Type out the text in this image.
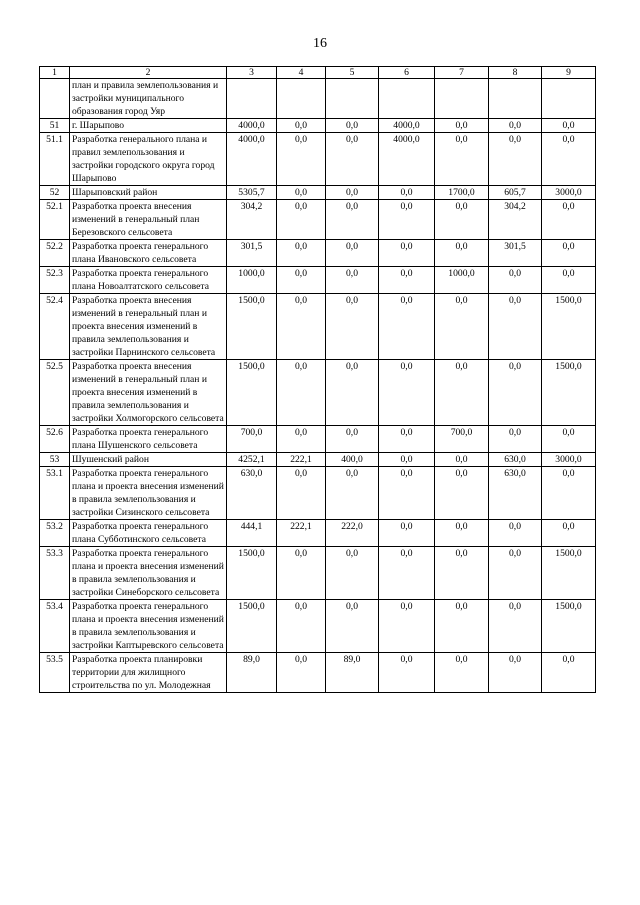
16
1	2	3	4	5	6	7	8	9
	план и правила землепользования и застройки муниципального образования город Уяр							
51	г. Шарыпово	4000,0	0,0	0,0	4000,0	0,0	0,0	0,0
51.1	Разработка генерального плана и правил землепользования и застройки городского округа город Шарыпово	4000,0	0,0	0,0	4000,0	0,0	0,0	0,0
52	Шарыповский район	5305,7	0,0	0,0	0,0	1700,0	605,7	3000,0
52.1	Разработка проекта внесения изменений в генеральный план Березовского сельсовета	304,2	0,0	0,0	0,0	0,0	304,2	0,0
52.2	Разработка проекта генерального плана Ивановского сельсовета	301,5	0,0	0,0	0,0	0,0	301,5	0,0
52.3	Разработка проекта генерального плана Новоалтатского сельсовета	1000,0	0,0	0,0	0,0	1000,0	0,0	0,0
52.4	Разработка проекта внесения изменений в генеральный план и проекта внесения изменений в правила землепользования и застройки Парнинского сельсовета	1500,0	0,0	0,0	0,0	0,0	0,0	1500,0
52.5	Разработка проекта внесения изменений в генеральный план и проекта внесения изменений в правила землепользования и застройки Холмогорского сельсовета	1500,0	0,0	0,0	0,0	0,0	0,0	1500,0
52.6	Разработка проекта генерального плана Шушенского сельсовета	700,0	0,0	0,0	0,0	700,0	0,0	0,0
53	Шушенский район	4252,1	222,1	400,0	0,0	0,0	630,0	3000,0
53.1	Разработка проекта генерального плана и проекта внесения изменений в правила землепользования и застройки Сизинского сельсовета	630,0	0,0	0,0	0,0	0,0	630,0	0,0
53.2	Разработка проекта генерального плана Субботинского сельсовета	444,1	222,1	222,0	0,0	0,0	0,0	0,0
53.3	Разработка проекта генерального плана и проекта внесения изменений в правила землепользования и застройки Синеборского сельсовета	1500,0	0,0	0,0	0,0	0,0	0,0	1500,0
53.4	Разработка проекта генерального плана и проекта внесения изменений в правила землепользования и застройки Каптыревского сельсовета	1500,0	0,0	0,0	0,0	0,0	0,0	1500,0
53.5	Разработка проекта планировки территории для жилищного строительства по ул. Молодежная	89,0	0,0	89,0	0,0	0,0	0,0	0,0
